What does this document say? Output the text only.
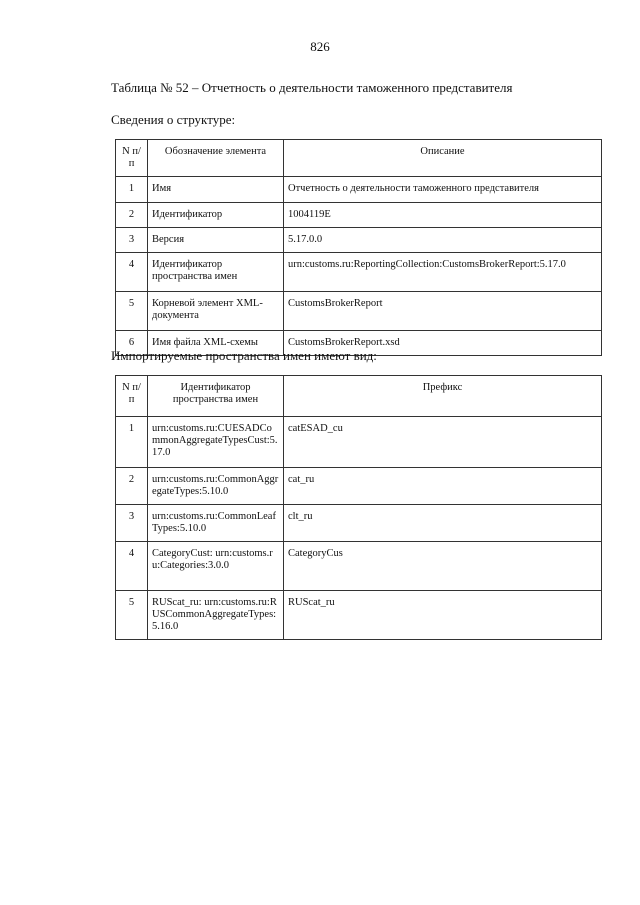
826
Таблица № 52 – Отчетность о деятельности таможенного представителя
Сведения о структуре:
N п/п	Обозначение элемента	Описание
1	Имя	Отчетность о деятельности таможенного представителя
2	Идентификатор	1004119E
3	Версия	5.17.0.0
4	Идентификатор пространства имен	urn:customs.ru:ReportingCollection:CustomsBrokerReport:5.17.0
5	Корневой элемент XML-документа	CustomsBrokerReport
6	Имя файла XML-схемы	CustomsBrokerReport.xsd
Импортируемые пространства имен имеют вид:
N п/п	Идентификатор пространства имен	Префикс
1	urn:customs.ru:CUESADCommonAggregateTypesCust:5.17.0	catESAD_cu
2	urn:customs.ru:CommonAggregateTypes:5.10.0	cat_ru
3	urn:customs.ru:CommonLeafTypes:5.10.0	clt_ru
4	CategoryCust: urn:customs.ru:Categories:3.0.0	CategoryCus
5	RUScat_ru: urn:customs.ru:RUSCommonAggregateTypes:5.16.0	RUScat_ru
